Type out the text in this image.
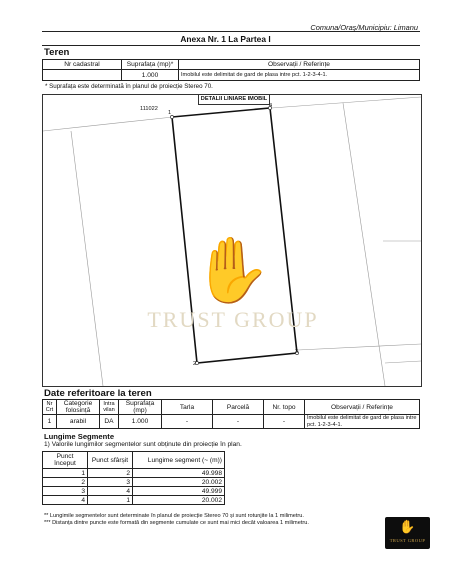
Comuna/Oraș/Municipiu: Limanu
Anexa Nr. 1 La Partea I
Teren
Nr cadastral	Suprafața (mp)*	Observații / Referințe
	1.000	Imobilul este delimitat de gard de plasa intre pct. 1-2-3-4-1.
* Suprafața este determinată în planul de proiecție Stereo 70.
DETALII LINIARE IMOBIL
111022
1
2
3
4
✋
TRUST GROUP
Date referitoare la teren
Nr Crt	Categorie folosință	Intra vilan	Suprafața (mp)	Tarla	Parcelă	Nr. topo	Observații / Referințe
1	arabil	DA	1.000	-	-	-	Imobilul este delimitat de gard de plasa intre pct. 1-2-3-4-1.
Lungime Segmente
1) Valorile lungimilor segmentelor sunt obținute din proiecție în plan.
Punct început	Punct sfârșit	Lungime segment (~ (m))
1	2	49.998
2	3	20.002
3	4	49.999
4	1	20.002
** Lungimile segmentelor sunt determinate în planul de proiecție Stereo 70 și sunt rotunjite la 1 milimetru.
*** Distanța dintre puncte este formată din segmente cumulate ce sunt mai mici decât valoarea 1 milimetru.	✋
TRUST GROUP
